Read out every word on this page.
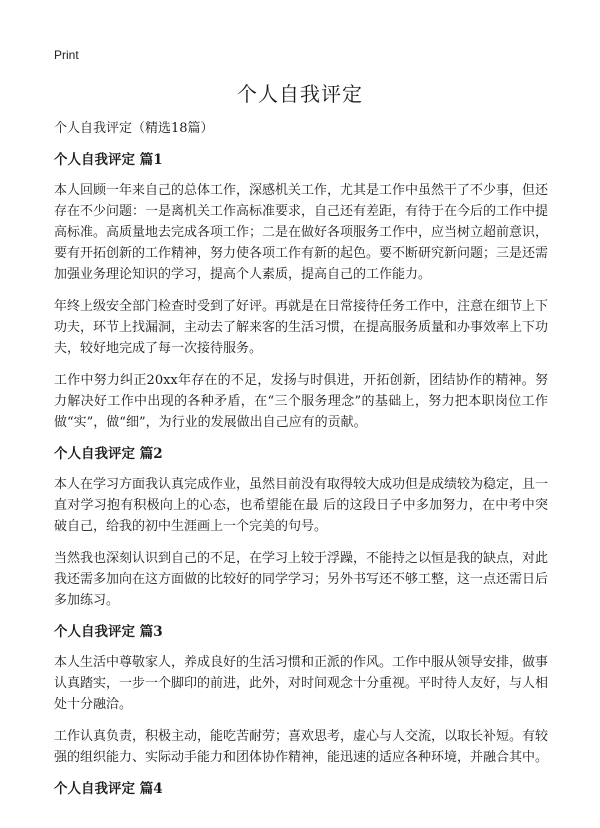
Print
个人自我评定

个人自我评定（精选18篇）

个人自我评定 篇1

本人回顾一年来自己的总体工作，深感机关工作，尤其是工作中虽然干了不少事，但还存在不少问题：一是离机关工作高标准要求，自己还有差距，有待于在今后的工作中提高标准。高质量地去完成各项工作；二是在做好各项服务工作中，应当树立超前意识，要有开拓创新的工作精神，努力使各项工作有新的起色。要不断研究新问题；三是还需加强业务理论知识的学习，提高个人素质，提高自己的工作能力。

年终上级安全部门检查时受到了好评。再就是在日常接待任务工作中，注意在细节上下功夫，环节上找漏洞，主动去了解来客的生活习惯，在提高服务质量和办事效率上下功夫，较好地完成了每一次接待服务。

工作中努力纠正20xx年存在的不足，发扬与时俱进，开拓创新，团结协作的精神。努力解决好工作中出现的各种矛盾，在“三个服务理念”的基础上，努力把本职岗位工作做“实”，做“细”，为行业的发展做出自己应有的贡献。

个人自我评定 篇2

本人在学习方面我认真完成作业，虽然目前没有取得较大成功但是成绩较为稳定，且一直对学习抱有积极向上的心态，也希望能在最 后的这段日子中多加努力，在中考中突破自己，给我的初中生涯画上一个完美的句号。

当然我也深刻认识到自己的不足，在学习上较于浮躁，不能持之以恒是我的缺点，对此我还需多加向在这方面做的比较好的同学学习；另外书写还不够工整，这一点还需日后多加练习。

个人自我评定 篇3

本人生活中尊敬家人，养成良好的生活习惯和正派的作风。工作中服从领导安排，做事认真踏实，一步一个脚印的前进，此外，对时间观念十分重视。平时待人友好，与人相处十分融洽。

工作认真负责，积极主动，能吃苦耐劳；喜欢思考，虚心与人交流，以取长补短。有较强的组织能力、实际动手能力和团体协作精神，能迅速的适应各种环境，并融合其中。

个人自我评定 篇4
